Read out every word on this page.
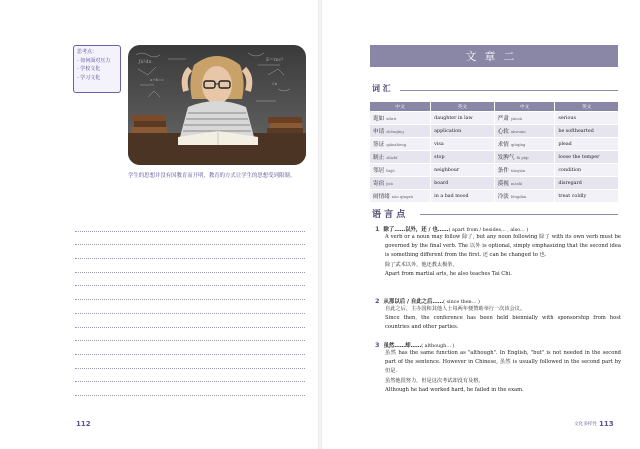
思考点：
- 如何面对压力
- 学校文化
- 学习文化
∫x²dx	E=mc²
a+b=c
√π
学生的思想并没有因教育而开明，教育的方式让学生的思想受到限制。
112
文章二
词 汇
中文	英文	中文	英文
诡如 xiǔrú	daughter in law	严肃 yánsù	serious
申请 shēnqǐng	application	心软 xīnruǎn	be softhearted
签证 qiānzhèng	visa	求情 qiúqíng	plead
制止 zhìzhǐ	stop	发脾气 fā píqi	loose the temper
邻居 línjū	neighbour	条件 tiáojiàn	condition
寄宿 jìsù	board	漠视 mòshì	disregard
闹情绪 nào qíngxù	in a bad mood	冷淡 lěngdàn	treat coldly
语 言 点
1 除了……以外，还 / 也……( apart from / besides… , also… )

A verb or a noun may follow 除了, but any noun following 除了 with its own verb must be governed by the final verb. The 以外 is optional, simply emphasizing that the second idea is something different from the first. 还 can be changed to 也.

除了武术以外，他还教太极拳。

Apart from martial arts, he also teaches Tai Chi.

2 从那以后 / 自此之后……( since then… )

自此之后，主办国和其他人士每两年便赞助举行一次该会议。

Since then, the conference has been held biennially with sponsorship from host countries and other parties.

3 虽然……却……( although… )

虽然 has the same function as "although". In English, "but" is not needed in the second part of the sentence. However in Chinese, 虽然 is usually followed in the second part by 但是.

虽然他很努力，但是这次考试却没有及格。

Although he had worked hard, he failed in the exam.

文化多样性 113
